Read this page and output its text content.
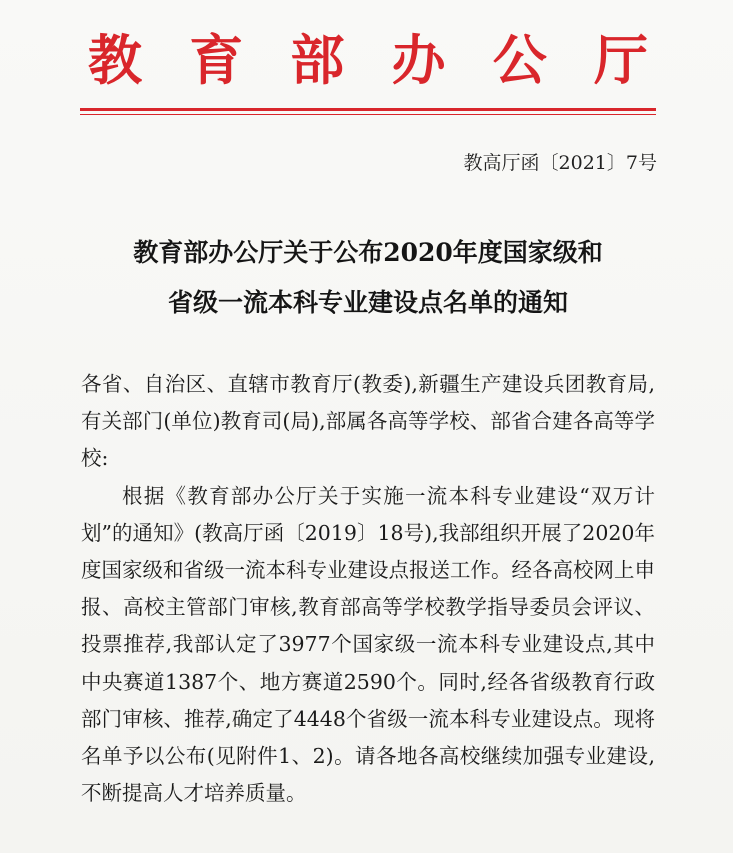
教育部办公厅
教高厅函〔2021〕7号
教育部办公厅关于公布2020年度国家级和
省级一流本科专业建设点名单的通知

各省、自治区、直辖市教育厅(教委),新疆生产建设兵团教育局,有关部门(单位)教育司(局),部属各高等学校、部省合建各高等学校:

根据《教育部办公厅关于实施一流本科专业建设“双万计划”的通知》(教高厅函〔2019〕18号),我部组织开展了2020年度国家级和省级一流本科专业建设点报送工作。经各高校网上申报、高校主管部门审核,教育部高等学校教学指导委员会评议、投票推荐,我部认定了3977个国家级一流本科专业建设点,其中中央赛道1387个、地方赛道2590个。同时,经各省级教育行政部门审核、推荐,确定了4448个省级一流本科专业建设点。现将名单予以公布(见附件1、2)。请各地各高校继续加强专业建设,不断提高人才培养质量。
